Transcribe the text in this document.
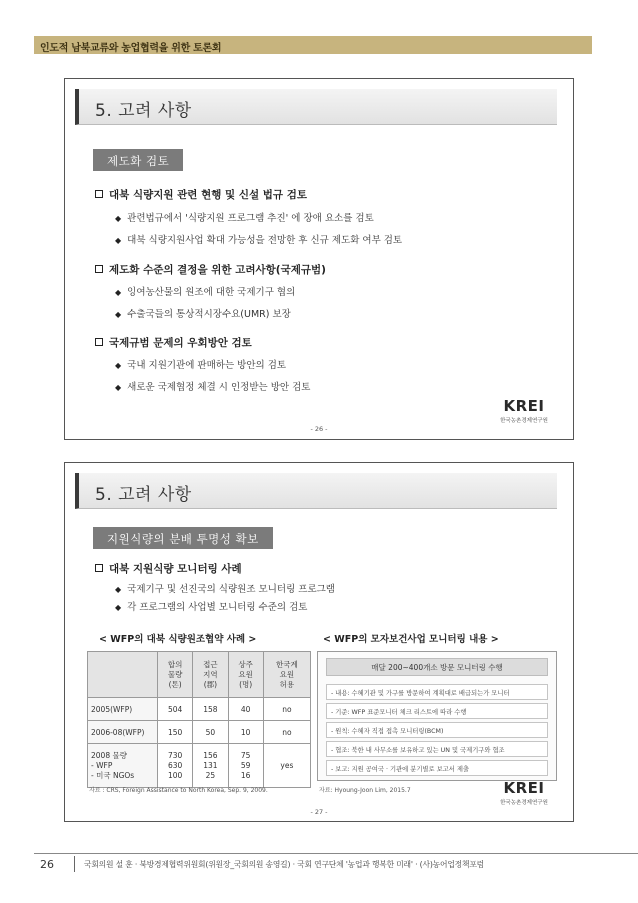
인도적 남북교류와 농업협력을 위한 토론회
5. 고려 사항
제도화 검토
대북 식량지원 관련 현행 및 신설 법규 검토
◆ 관련법규에서 '식량지원 프로그램 추진' 에 장애 요소를 검토
◆ 대북 식량지원사업 확대 가능성을 전망한 후 신규 제도화 여부 검토
제도화 수준의 결정을 위한 고려사항(국제규범)
◆ 잉여농산물의 원조에 대한 국제기구 협의
◆ 수출국들의 통상적시장수요(UMR) 보장
국제규범 문제의 우회방안 검토
◆ 국내 지원기관에 판매하는 방안의 검토
◆ 새로운 국제협정 체결 시 인정받는 방안 검토
KREI
한국농촌경제연구원
- 26 -
5. 고려 사항
지원식량의 분배 투명성 확보
대북 지원식량 모니터링 사례
◆ 국제기구 및 선진국의 식량원조 모니터링 프로그램
◆ 각 프로그램의 사업별 모니터링 수준의 검토
< WFP의 대북 식량원조협약 사례 >	< WFP의 모자보건사업 모니터링 내용 >
	합의
물량
(톤)	접근
지역
(郡)	상주
요원
(명)	한국계
요원
허용
2005(WFP)	504	158	40	no
2006-08(WFP)	150	50	10	no
2008 물량
- WFP
- 미국 NGOs	730
630
100	156
131
25	75
59
16	yes
매달 200~400개소 방문 모니터링 수행
- 내용: 수혜기관 및 가구를 방문하여 계획대로 배급되는가 모니터
- 기준: WFP 표준모니터 체크 리스트에 따라 수행
- 원칙: 수혜자 직접 접촉 모니터링(BCM)
- 협조: 북한 내 사무소를 보유하고 있는 UN 및 국제기구와 협조
- 보고: 지원 공여국 · 기관에 분기별로 보고서 제출
자료 : CRS, Foreign Assistance to North Korea, Sep. 9, 2009.	자료: Hyoung-Joon Lim, 2015.7	KREI
한국농촌경제연구원
- 27 -
26	국회의원 설 훈 · 북방경제협력위원회(위원장_국회의원 송영길) · 국회 연구단체 '농업과 행복한 미래' · (사)농어업정책포럼
